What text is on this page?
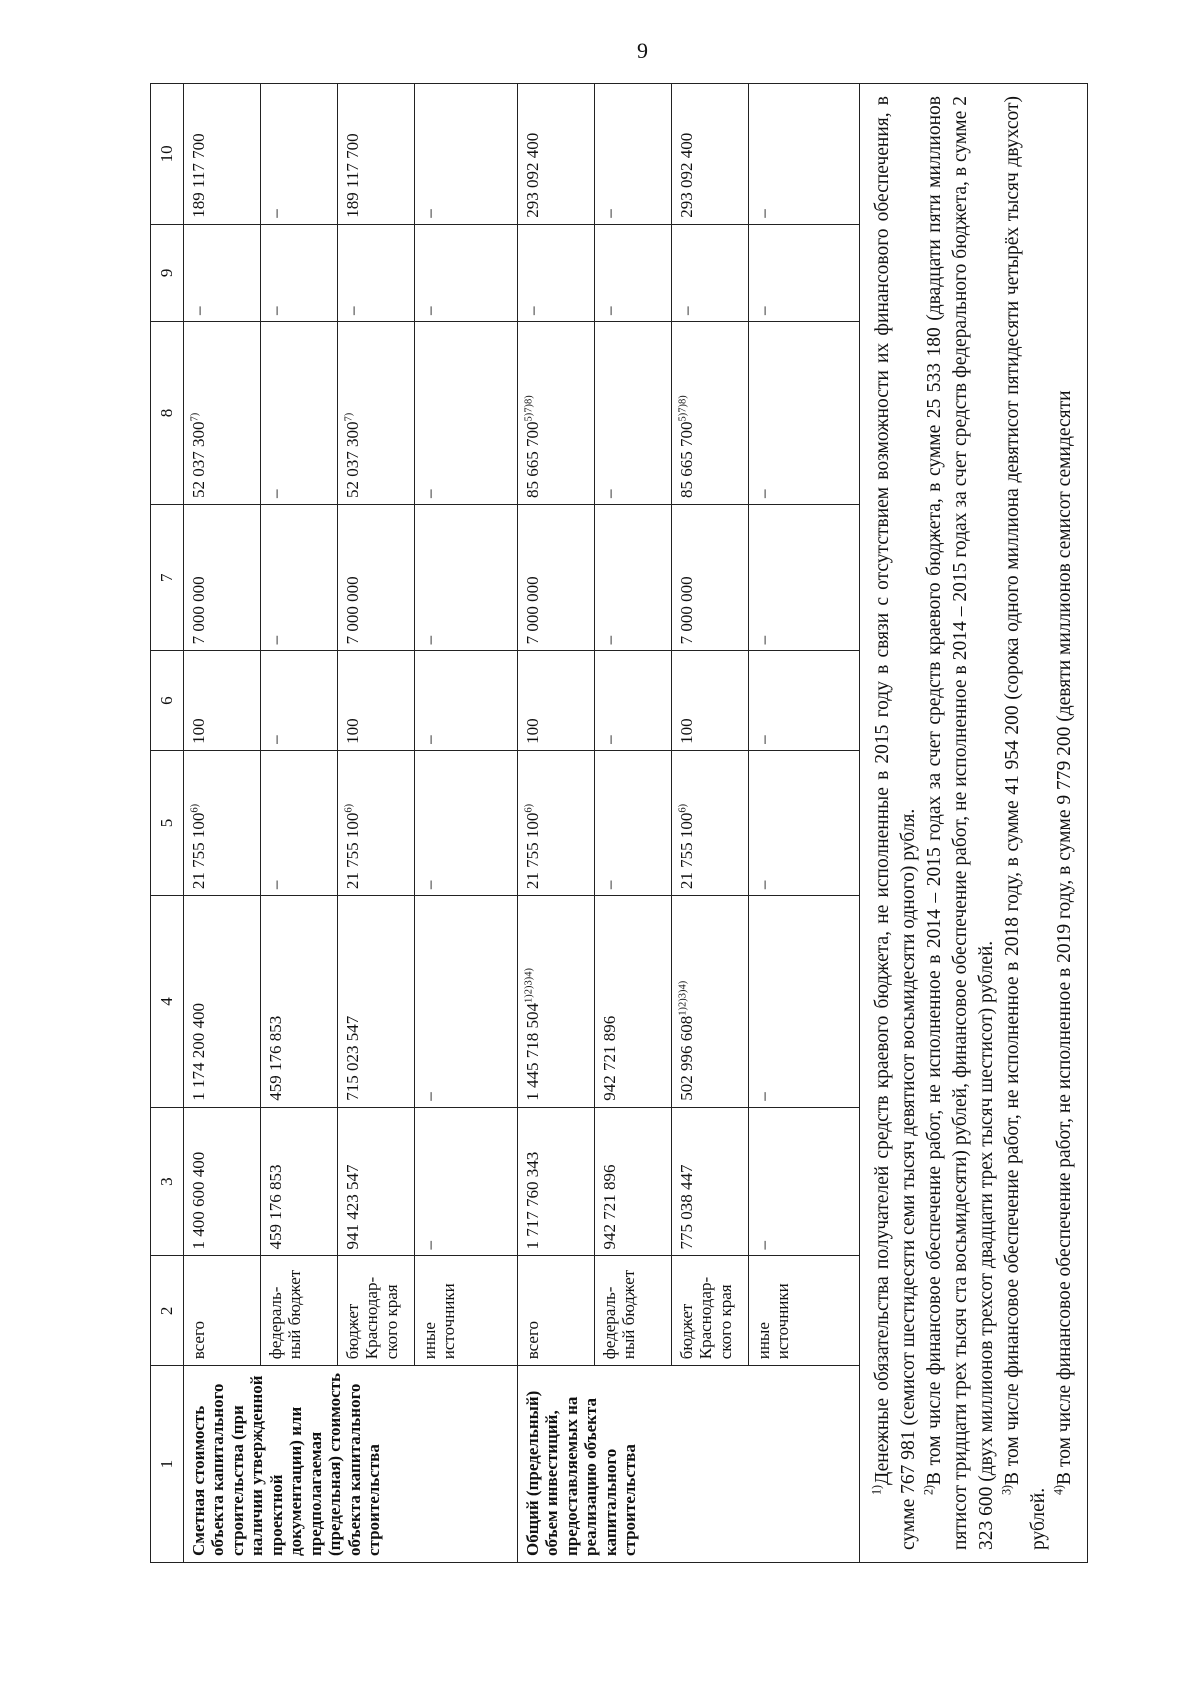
9
1	2	3	4	5	6	7	8	9	10
Сметная стоимость объекта капитального строительства (при наличии утвержденной проектной документации) или предполагаемая (предельная) стоимость объекта капитального строительства	всего	1 400 600 400	1 174 200 400	21 755 100$^{6)}$	100	7 000 000	52 037 300$^{7)}$	–	189 117 700
	федераль-ный бюджет	459 176 853	459 176 853	–	–	–	–	–	–
	бюджет Краснодар-ского края	941 423 547	715 023 547	21 755 100$^{6)}$	100	7 000 000	52 037 300$^{7)}$	–	189 117 700
	иные источники	–	–	–	–	–	–	–	–
Общий (предельный) объем инвестиций, предоставляемых на реализацию объекта капитального строительства	всего	1 717 760 343	1 445 718 $504^{1)2)3)4)}$	21 755 100$^{6)}$	100	7 000 000	85 665 $700^{5)7)8)}$	–	293 092 400
	федераль-ный бюджет	942 721 896	942 721 896	–	–	–	–	–	–
	бюджет Краснодар-ского края	775 038 447	502 996 $608^{1)2)3)4)}$	21 755 100$^{6)}$	100	7 000 000	85 665 $700^{5)7)8)}$	–	293 092 400
	иные источники	–	–	–	–	–	–	–	–

$^{1)}$Денежные обязательства получателей средств краевого бюджета, не исполненные в 2015 году в связи с отсутствием возможности их финансового обеспечения, в сумме 767 981 (семисот шестидесяти семи тысяч девятисот восьмидесяти одного) рубля. $^{2)}$В том числе финансовое обеспечение работ, не исполненное в 2014 – 2015 годах за счет средств краевого бюджета, в сумме 25 533 180 (двадцати пяти миллионов пятисот тридцати трех тысяч ста восьмидесяти) рублей, финансовое обеспечение работ, не исполненное в 2014 – 2015 годах за счет средств федерального бюджета, в сумме 2 323 600 (двух миллионов трехсот двадцати трех тысяч шестисот) рублей. $^{3)}$В том числе финансовое обеспечение работ, не исполненное в 2018 году, в сумме 41 954 200 (сорока одного миллиона девятисот пятидесяти четырёх тысяч двухсот) рублей. $^{4)}$В том числе финансовое обеспечение работ, не исполненное в 2019 году, в сумме 9 779 200 (девяти миллионов семисот семидесяти
